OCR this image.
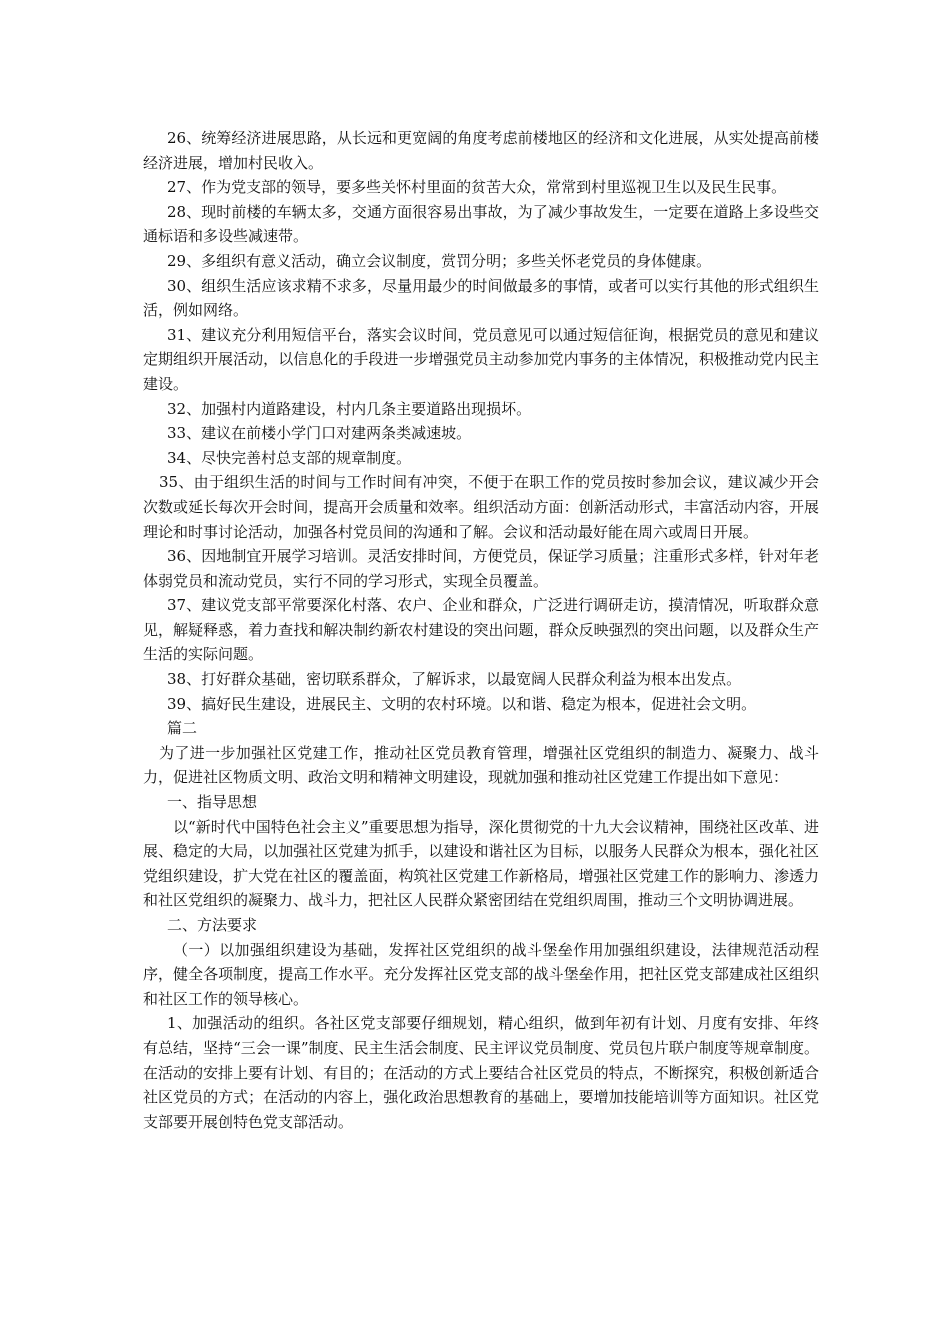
26、统筹经济进展思路，从长远和更宽阔的角度考虑前楼地区的经济和文化进展，从实处提高前楼经济进展，增加村民收入。

27、作为党支部的领导，要多些关怀村里面的贫苦大众，常常到村里巡视卫生以及民生民事。

28、现时前楼的车辆太多，交通方面很容易出事故，为了减少事故发生，一定要在道路上多设些交通标语和多设些减速带。

29、多组织有意义活动，确立会议制度，赏罚分明；多些关怀老党员的身体健康。

30、组织生活应该求精不求多，尽量用最少的时间做最多的事情，或者可以实行其他的形式组织生活，例如网络。

31、建议充分利用短信平台，落实会议时间，党员意见可以通过短信征询，根据党员的意见和建议定期组织开展活动，以信息化的手段进一步增强党员主动参加党内事务的主体情况，积极推动党内民主建设。

32、加强村内道路建设，村内几条主要道路出现损坏。

33、建议在前楼小学门口对建两条类减速坡。

34、尽快完善村总支部的规章制度。

35、由于组织生活的时间与工作时间有冲突，不便于在职工作的党员按时参加会议，建议减少开会次数或延长每次开会时间，提高开会质量和效率。组织活动方面：创新活动形式，丰富活动内容，开展理论和时事讨论活动，加强各村党员间的沟通和了解。会议和活动最好能在周六或周日开展。

36、因地制宜开展学习培训。灵活安排时间，方便党员，保证学习质量；注重形式多样，针对年老体弱党员和流动党员，实行不同的学习形式，实现全员覆盖。

37、建议党支部平常要深化村落、农户、企业和群众，广泛进行调研走访，摸清情况，听取群众意见，解疑释惑，着力查找和解决制约新农村建设的突出问题，群众反映强烈的突出问题，以及群众生产生活的实际问题。

38、打好群众基础，密切联系群众，了解诉求，以最宽阔人民群众利益为根本出发点。

39、搞好民生建设，进展民主、文明的农村环境。以和谐、稳定为根本，促进社会文明。

篇二

为了进一步加强社区党建工作，推动社区党员教育管理，增强社区党组织的制造力、凝聚力、战斗力，促进社区物质文明、政治文明和精神文明建设，现就加强和推动社区党建工作提出如下意见：

一、指导思想

以“新时代中国特色社会主义”重要思想为指导，深化贯彻党的十九大会议精神，围绕社区改革、进展、稳定的大局，以加强社区党建为抓手，以建设和谐社区为目标，以服务人民群众为根本，强化社区党组织建设，扩大党在社区的覆盖面，构筑社区党建工作新格局，增强社区党建工作的影响力、渗透力和社区党组织的凝聚力、战斗力，把社区人民群众紧密团结在党组织周围，推动三个文明协调进展。

二、方法要求

（一）以加强组织建设为基础，发挥社区党组织的战斗堡垒作用加强组织建设，法律规范活动程序，健全各项制度，提高工作水平。充分发挥社区党支部的战斗堡垒作用，把社区党支部建成社区组织和社区工作的领导核心。

1、加强活动的组织。各社区党支部要仔细规划，精心组织，做到年初有计划、月度有安排、年终有总结，坚持“三会一课”制度、民主生活会制度、民主评议党员制度、党员包片联户制度等规章制度。在活动的安排上要有计划、有目的；在活动的方式上要结合社区党员的特点，不断探究，积极创新适合社区党员的方式；在活动的内容上，强化政治思想教育的基础上，要增加技能培训等方面知识。社区党支部要开展创特色党支部活动。
